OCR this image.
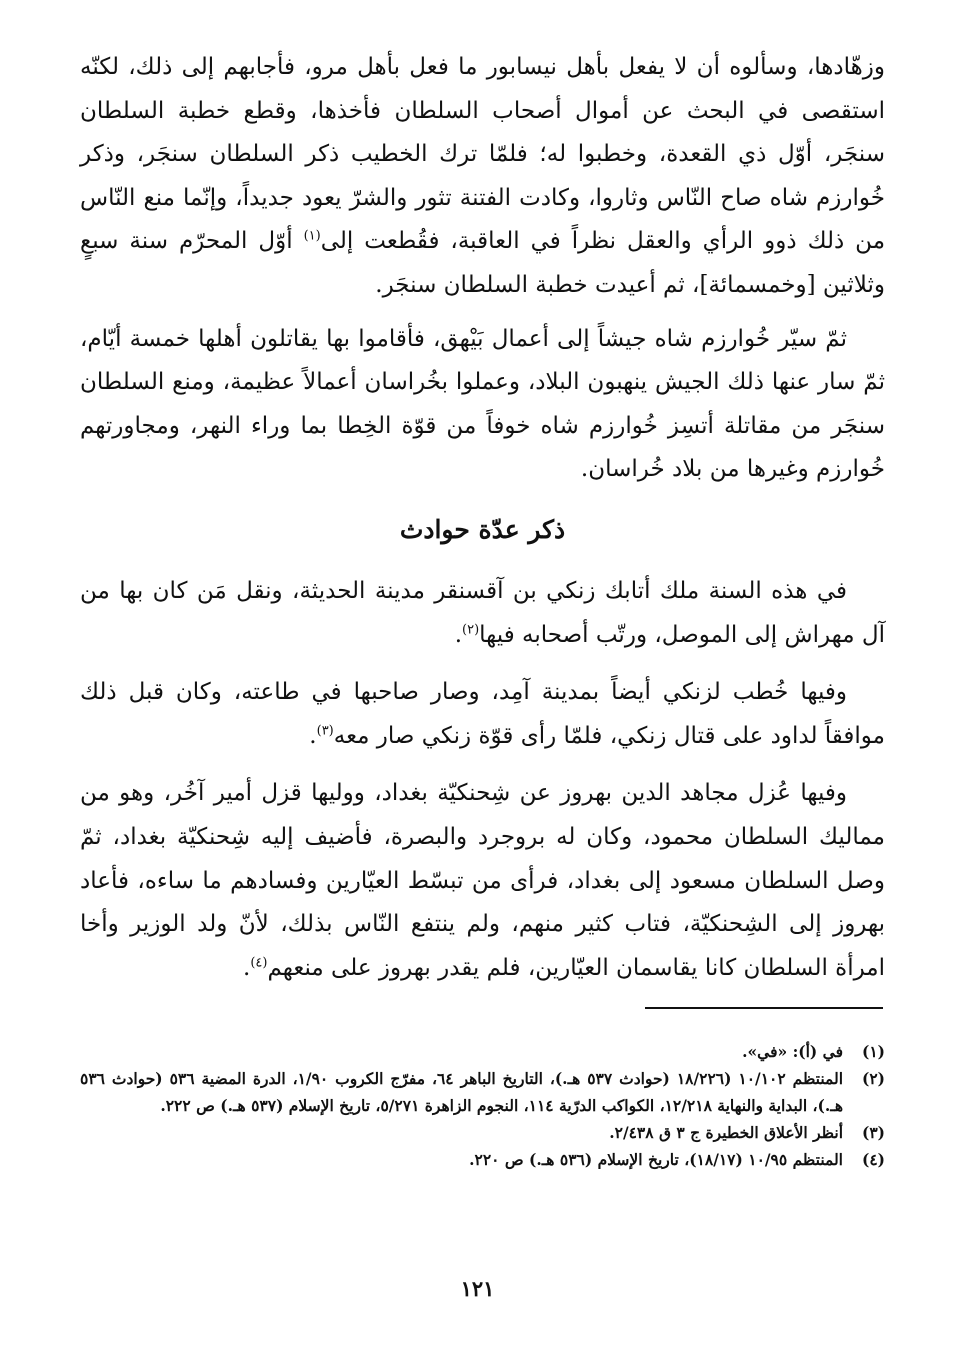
وزهّادها، وسألوه أن لا يفعل بأهل نيسابور ما فعل بأهل مرو، فأجابهم إلى ذلك، لكنّه استقصى في البحث عن أموال أصحاب السلطان فأخذها، وقطع خطبة السلطان سنجَر، أوّل ذي القعدة، وخطبوا له؛ فلمّا ترك الخطيب ذكر السلطان سنجَر، وذكر خُوارزم شاه صاح النّاس وثاروا، وكادت الفتنة تثور والشرّ يعود جديداً، وإنّما منع النّاس من ذلك ذوو الرأي والعقل نظراً في العاقبة، فقُطعت إلى$^{(١)}$ أوّل المحرّم سنة سبعٍ وثلاثين [وخمسمائة]، ثم أعيدت خطبة السلطان سنجَر.

ثمّ سيّر خُوارزم شاه جيشاً إلى أعمال بَيْهق، فأقاموا بها يقاتلون أهلها خمسة أيّام، ثمّ سار عنها ذلك الجيش ينهبون البلاد، وعملوا بخُراسان أعمالاً عظيمة، ومنع السلطان سنجَر من مقاتلة أتسِز خُوارزم شاه خوفاً من قوّة الخِطا بما وراء النهر، ومجاورتهم خُوارزم وغيرها من بلاد خُراسان.

ذكر عدّة حوادث

في هذه السنة ملك أتابك زنكي بن آقسنقر مدينة الحديثة، ونقل مَن كان بها من آل مهراش إلى الموصل، ورتّب أصحابه فيها$^{(٢)}$.

وفيها خُطب لزنكي أيضاً بمدينة آمِد، وصار صاحبها في طاعته، وكان قبل ذلك موافقاً لداود على قتال زنكي، فلمّا رأى قوّة زنكي صار معه$^{(٣)}$.

وفيها عُزل مجاهد الدين بهروز عن شِحنكيّة بغداد، ووليها قزل أمير آخُر، وهو من مماليك السلطان محمود، وكان له بروجرد والبصرة، فأضيف إليه شِحنكيّة بغداد، ثمّ وصل السلطان مسعود إلى بغداد، فرأى من تبسّط العيّارين وفسادهم ما ساءه، فأعاد بهروز إلى الشِحنكيّة، فتاب كثير منهم، ولم ينتفع النّاس بذلك، لأنّ ولد الوزير وأخا امرأة السلطان كانا يقاسمان العيّارين، فلم يقدر بهروز على منعهم$^{(٤)}$.

(١)
في (أ): «في».
(٢)
المنتظم ١٠/١٠٢ (١٨/٢٢٦ (حوادث ٥٣٧ هـ.)، التاريخ الباهر ٦٤، مفرّج الكروب ١/٩٠، الدرة المضية ٥٣٦ (حوادث ٥٣٦ هـ.)، البداية والنهاية ١٢/٢١٨، الكواكب الدرّية ١١٤، النجوم الزاهرة ٥/٢٧١، تاريخ الإسلام (٥٣٧ هـ.) ص ٢٢٢.
(٣)
أنظر الأعلاق الخطيرة ج ٣ ق ٢/٤٣٨.
(٤)
المنتظم ١٠/٩٥ (١٨/١٧)، تاريخ الإسلام (٥٣٦ هـ.) ص ٢٢٠.
١٢١
